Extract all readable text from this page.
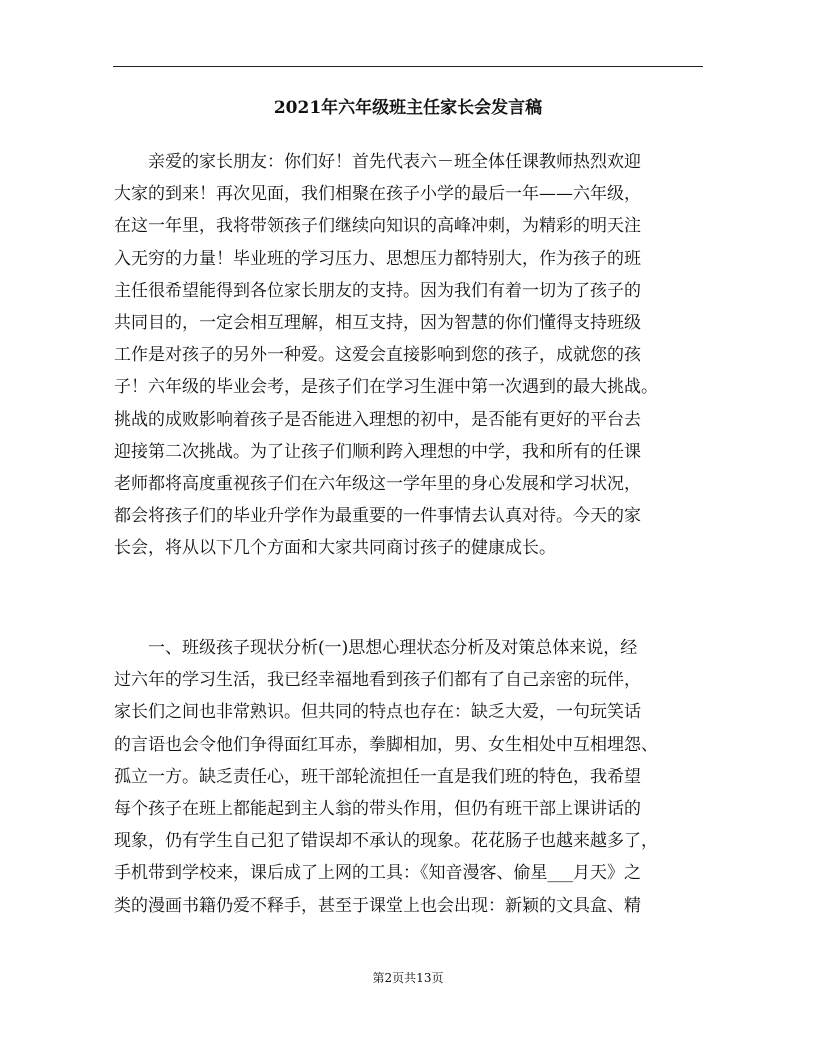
2021年六年级班主任家长会发言稿
　　亲爱的家长朋友：你们好！首先代表六－班全体任课教师热烈欢迎
大家的到来！再次见面，我们相聚在孩子小学的最后一年——六年级，
在这一年里，我将带领孩子们继续向知识的高峰冲刺，为精彩的明天注
入无穷的力量！毕业班的学习压力、思想压力都特别大，作为孩子的班
主任很希望能得到各位家长朋友的支持。因为我们有着一切为了孩子的
共同目的，一定会相互理解，相互支持，因为智慧的你们懂得支持班级
工作是对孩子的另外一种爱。这爱会直接影响到您的孩子，成就您的孩
子！六年级的毕业会考，是孩子们在学习生涯中第一次遇到的最大挑战。
挑战的成败影响着孩子是否能进入理想的初中，是否能有更好的平台去
迎接第二次挑战。为了让孩子们顺利跨入理想的中学，我和所有的任课
老师都将高度重视孩子们在六年级这一学年里的身心发展和学习状况，
都会将孩子们的毕业升学作为最重要的一件事情去认真对待。今天的家
长会，将从以下几个方面和大家共同商讨孩子的健康成长。
　　一、班级孩子现状分析(一)思想心理状态分析及对策总体来说，经
过六年的学习生活，我已经幸福地看到孩子们都有了自己亲密的玩伴，
家长们之间也非常熟识。但共同的特点也存在：缺乏大爱，一句玩笑话
的言语也会令他们争得面红耳赤，拳脚相加，男、女生相处中互相埋怨、
孤立一方。缺乏责任心，班干部轮流担任一直是我们班的特色，我希望
每个孩子在班上都能起到主人翁的带头作用，但仍有班干部上课讲话的
现象，仍有学生自己犯了错误却不承认的现象。花花肠子也越来越多了，
手机带到学校来，课后成了上网的工具：《知音漫客、偷星___月天》之
类的漫画书籍仍爱不释手，甚至于课堂上也会出现：新颖的文具盒、精
第2页共13页
